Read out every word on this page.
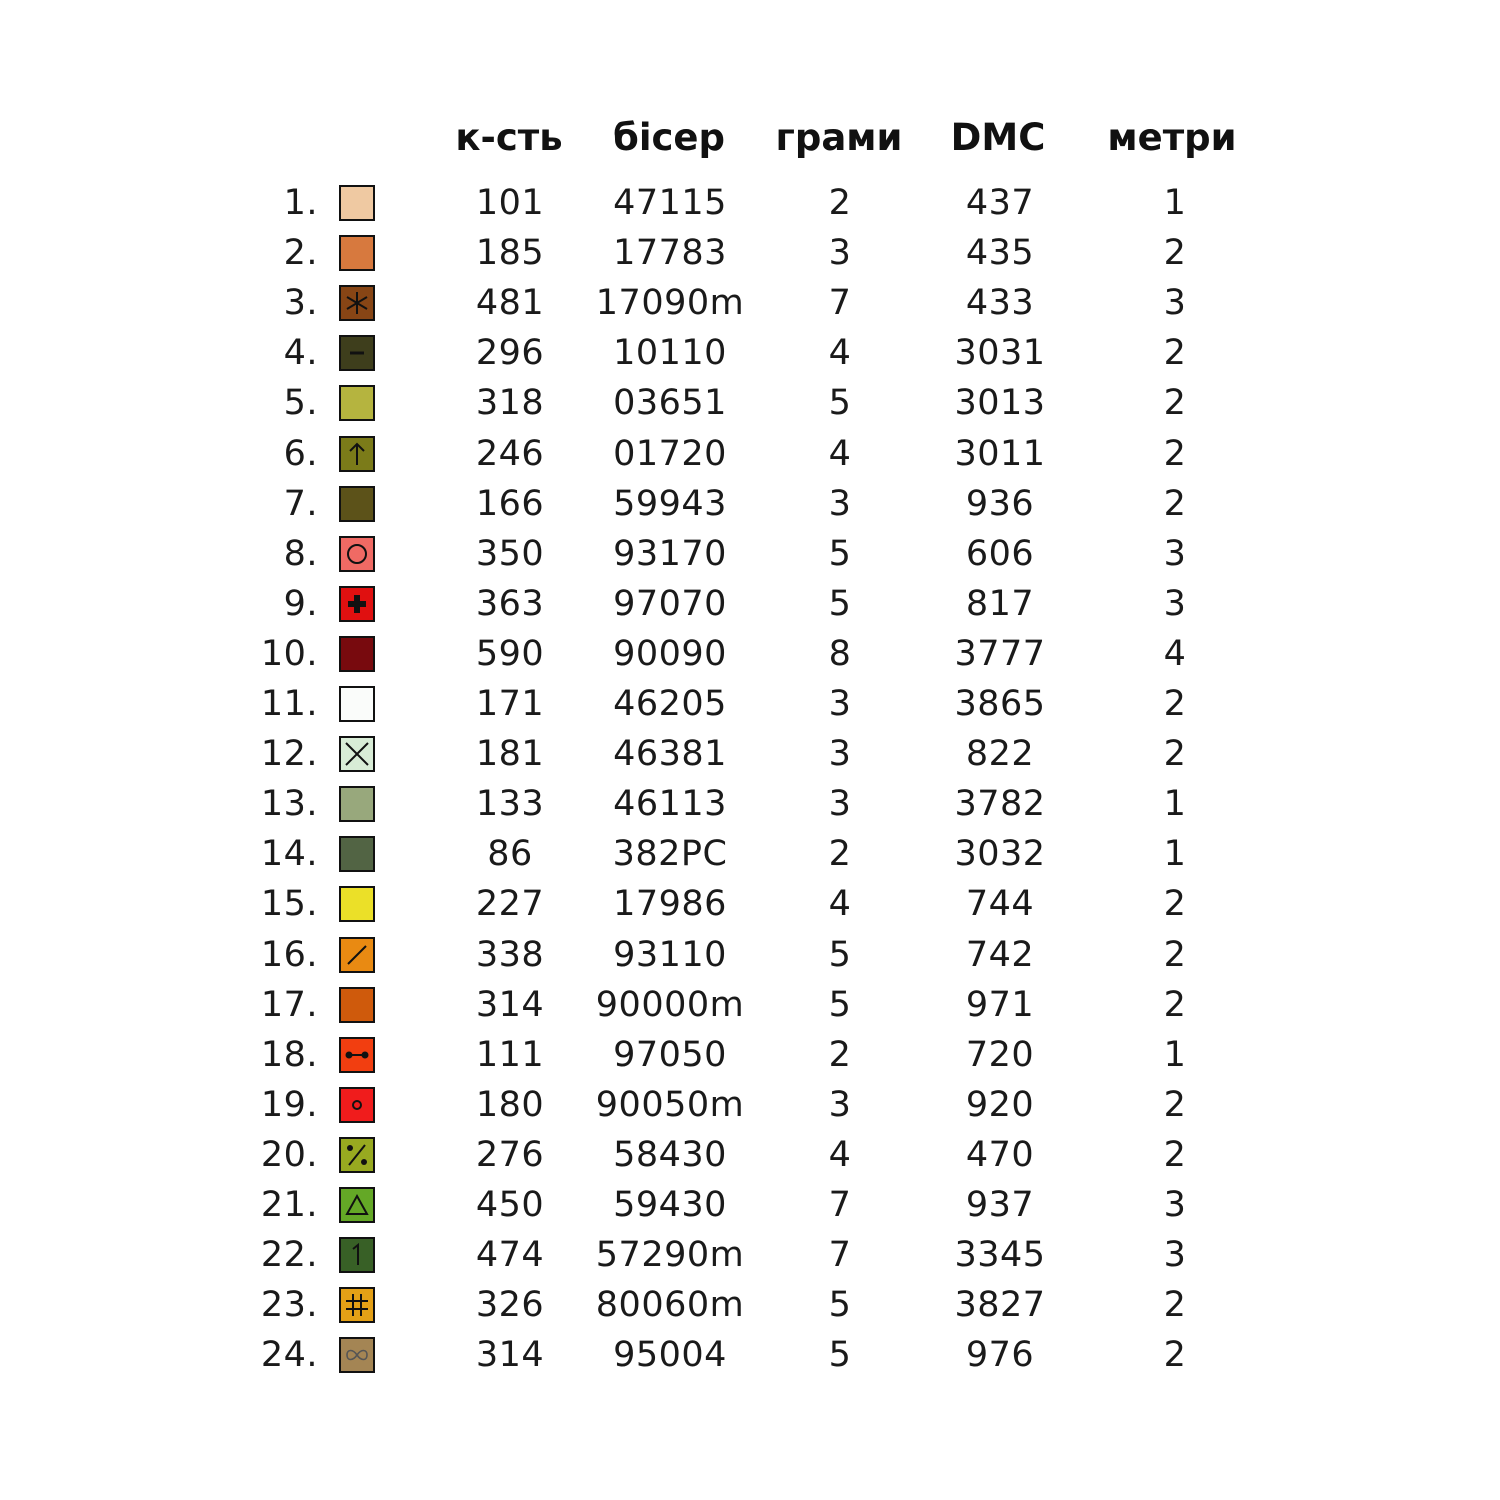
к-сть бісер грами DMC метри
1.	101	47115	2	437	1
2.	185	17783	3	435	2
3.	481	17090m	7	433	3
4.	296	10110	4	3031	2
5.	318	03651	5	3013	2
6.	246	01720	4	3011	2
7.	166	59943	3	936	2
8.	350	93170	5	606	3
9.	363	97070	5	817	3
10.	590	90090	8	3777	4
11.	171	46205	3	3865	2
12.	181	46381	3	822	2
13.	133	46113	3	3782	1
14.	86	382PC	2	3032	1
15.	227	17986	4	744	2
16.	338	93110	5	742	2
17.	314	90000m	5	971	2
18.	111	97050	2	720	1
19.	180	90050m	3	920	2
20.	276	58430	4	470	2
21.	450	59430	7	937	3
22.	474	57290m	7	3345	3
23.	326	80060m	5	3827	2
24.	314	95004	5	976	2
